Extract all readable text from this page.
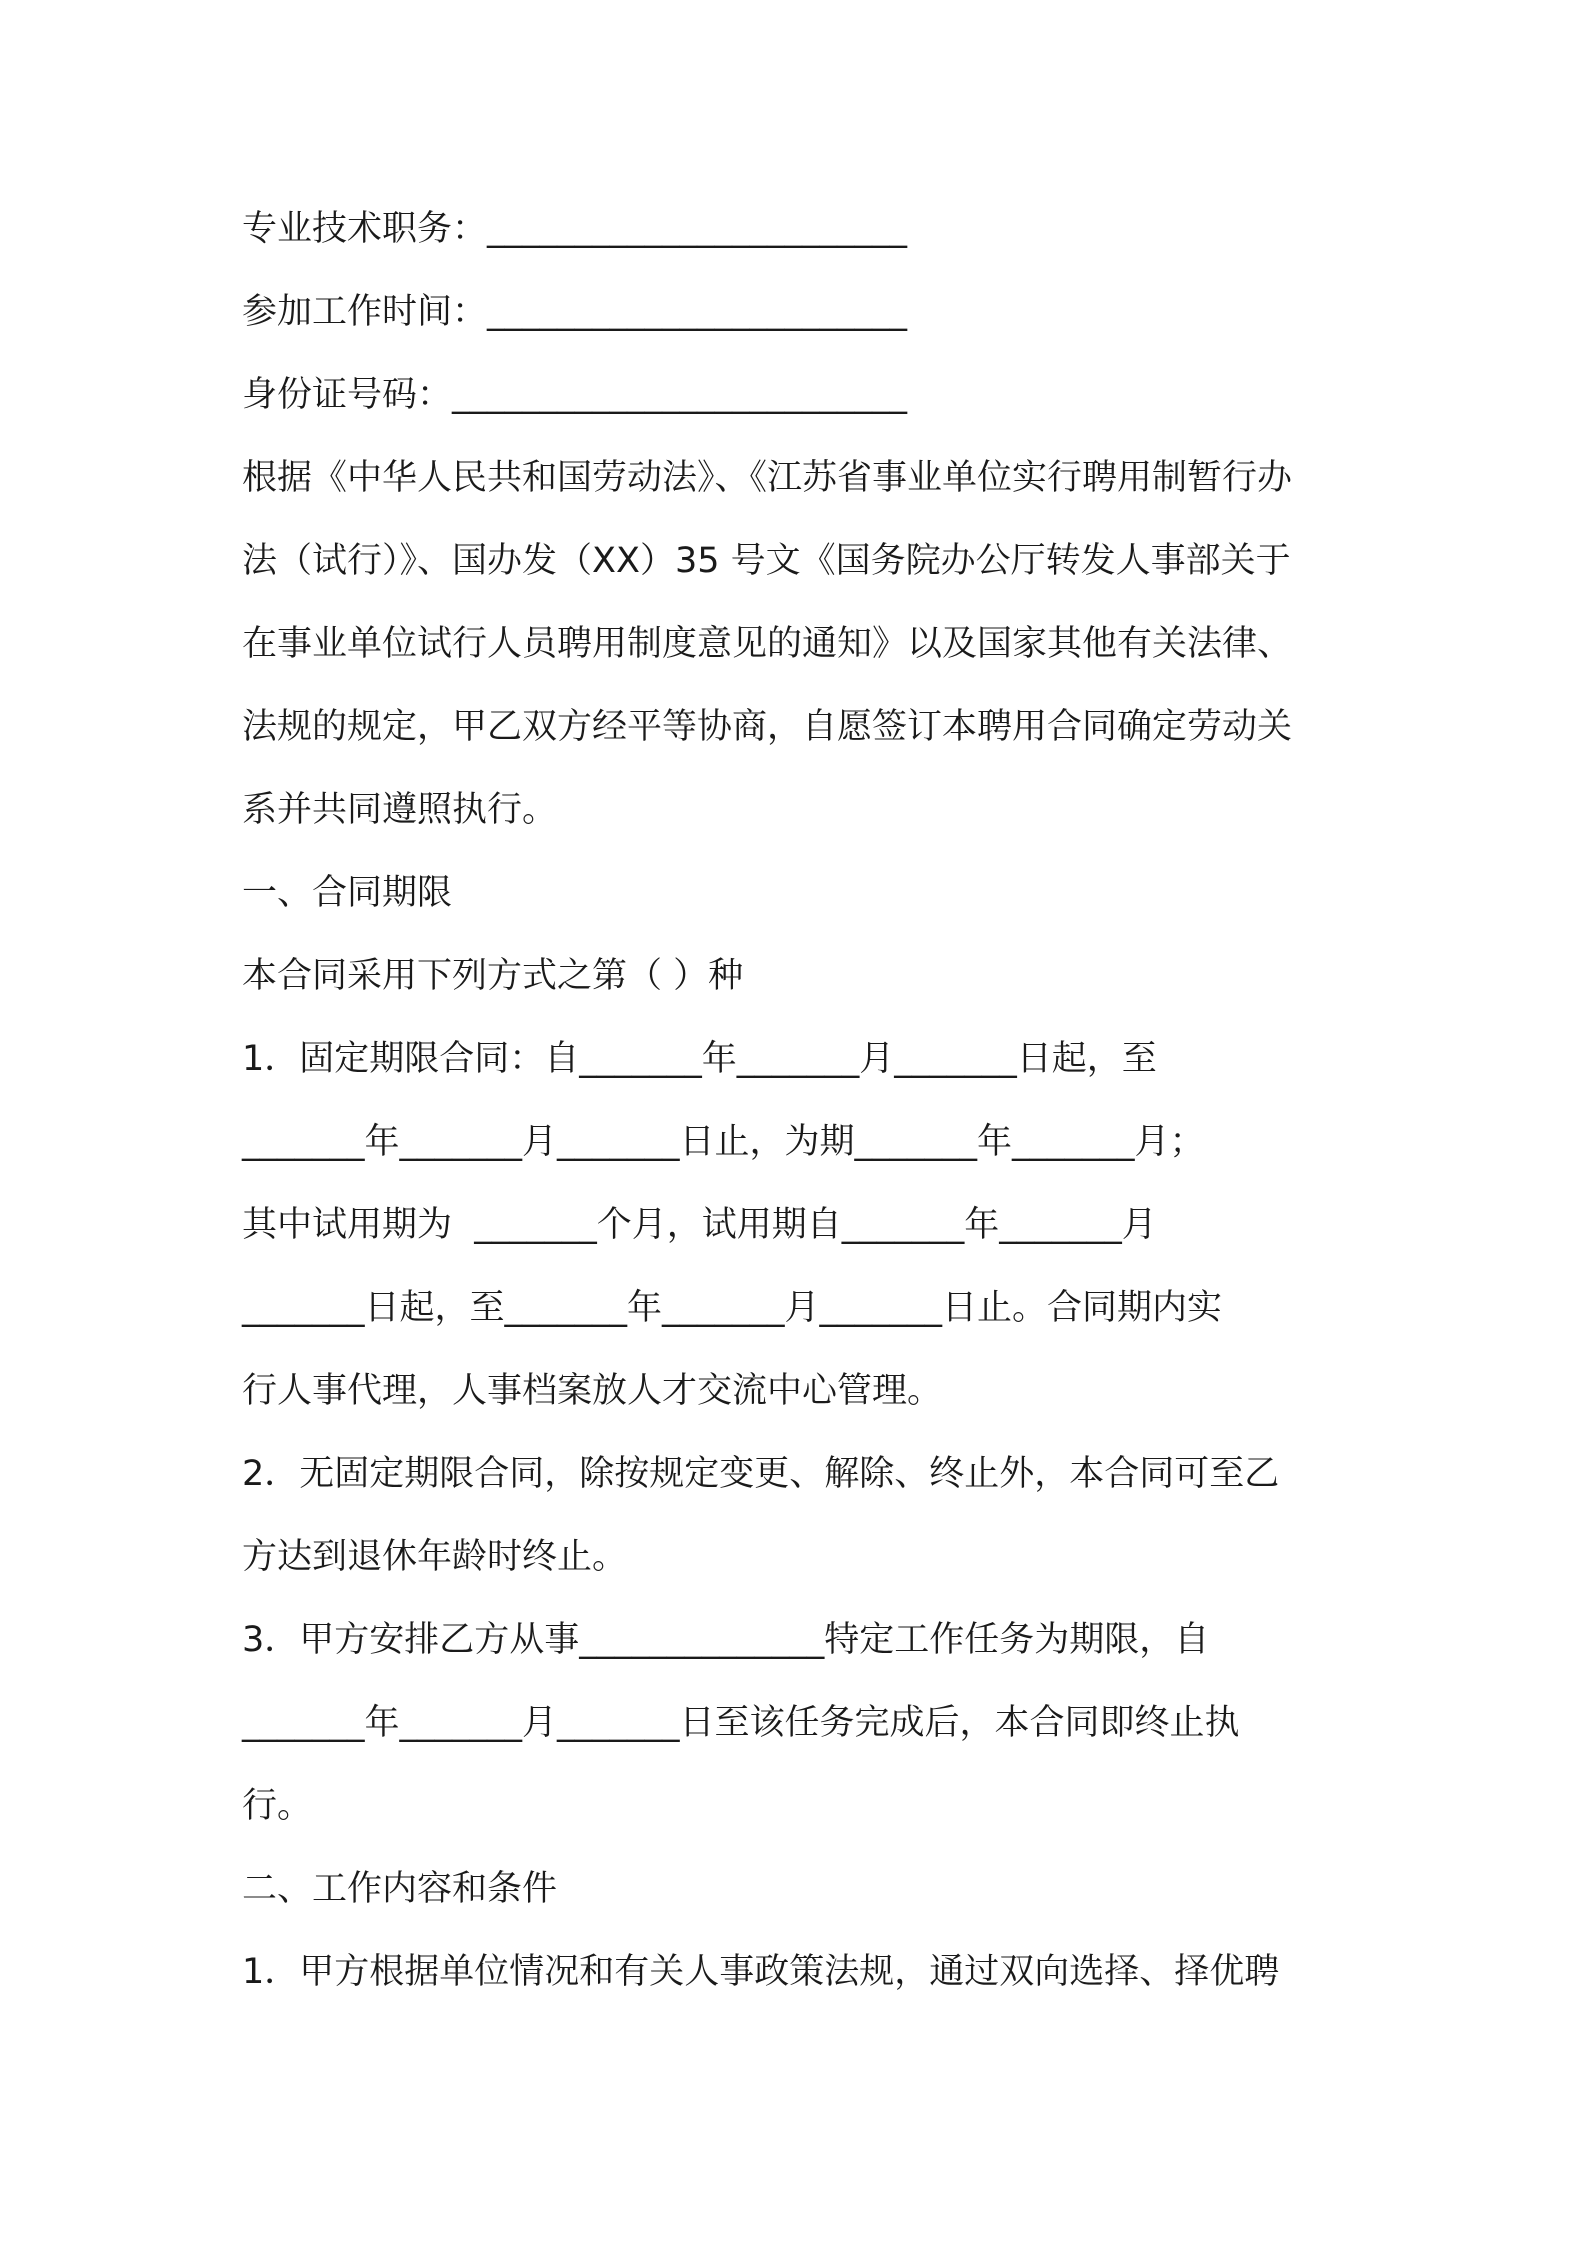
专业技术职务：________________________

参加工作时间：________________________

身份证号码：__________________________

根据《中华人民共和国劳动法》、《江苏省事业单位实行聘用制暂行办

法（试行）》、国办发（XX）35 号文《国务院办公厅转发人事部关于

在事业单位试行人员聘用制度意见的通知》以及国家其他有关法律、

法规的规定，甲乙双方经平等协商，自愿签订本聘用合同确定劳动关

系并共同遵照执行。

一、合同期限

本合同采用下列方式之第（ ）种

1．固定期限合同：自_______年_______月_______日起，至

_______年_______月_______日止，为期_______年_______月；

其中试用期为  _______个月，试用期自_______年_______月

_______日起，至_______年_______月_______日止。合同期内实

行人事代理，人事档案放人才交流中心管理。

2．无固定期限合同，除按规定变更、解除、终止外，本合同可至乙

方达到退休年龄时终止。

3．甲方安排乙方从事______________特定工作任务为期限，自

_______年_______月_______日至该任务完成后，本合同即终止执

行。

二、工作内容和条件

1．甲方根据单位情况和有关人事政策法规，通过双向选择、择优聘
